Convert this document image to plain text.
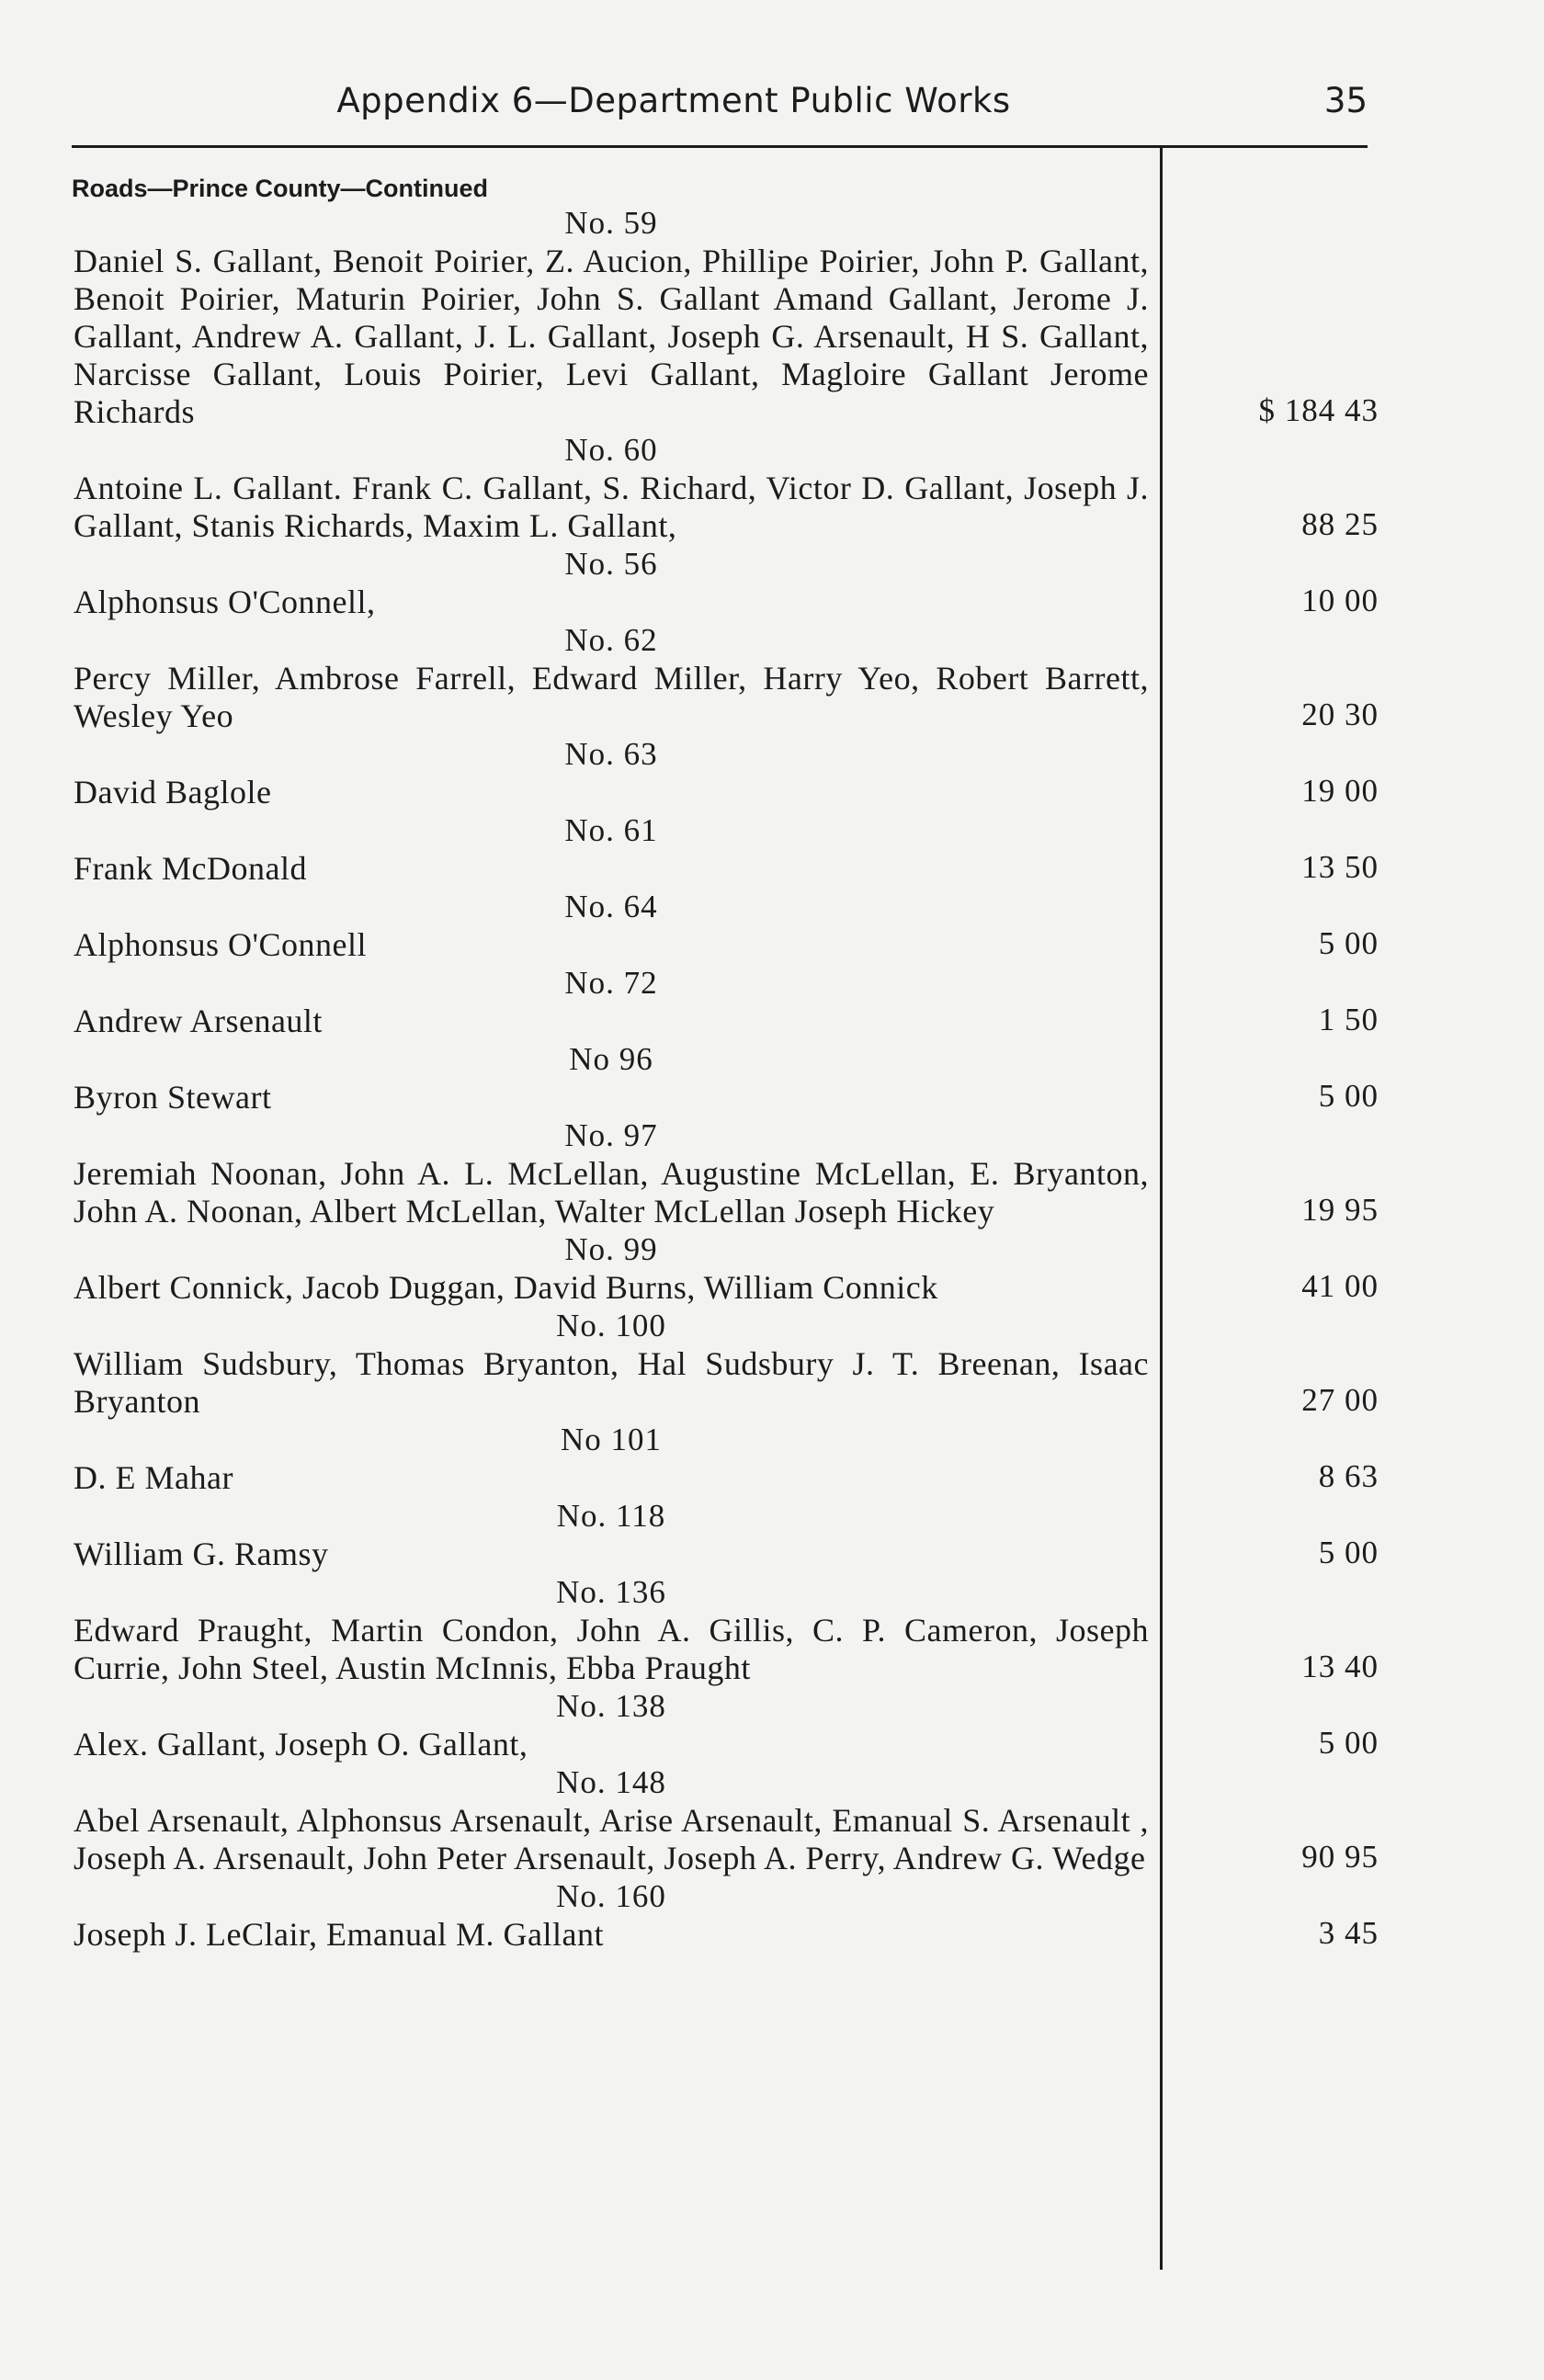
Appendix 6—Department Public Works	35
Roads—Prince County—Continued
No. 59
Daniel S. Gallant, Benoit Poirier, Z. Aucion, Phillipe Poirier, John P. Gallant, Benoit Poirier, Maturin Poirier, John S. Gallant Amand Gallant, Jerome J. Gallant, Andrew A. Gallant, J. L. Gallant, Joseph G. Arsenault, H S. Gallant, Narcisse Gallant, Louis Poirier, Levi Gallant, Magloire Gallant Jerome Richards	$ 184 43
No. 60
Antoine L. Gallant. Frank C. Gallant, S. Richard, Victor D. Gallant, Joseph J. Gallant, Stanis Richards, Maxim L. Gallant,	88 25
No. 56
Alphonsus O'Connell,	10 00
No. 62
Percy Miller, Ambrose Farrell, Edward Miller, Harry Yeo, Robert Barrett, Wesley Yeo	20 30
No. 63
David Baglole	19 00
No. 61
Frank McDonald	13 50
No. 64
Alphonsus O'Connell	5 00
No. 72
Andrew Arsenault	1 50
No 96
Byron Stewart	5 00
No. 97
Jeremiah Noonan, John A. L. McLellan, Augustine McLellan, E. Bryanton, John A. Noonan, Albert McLellan, Walter McLellan Joseph Hickey	19 95
No. 99
Albert Connick, Jacob Duggan, David Burns, William Connick	41 00
No. 100
William Sudsbury, Thomas Bryanton, Hal Sudsbury J. T. Breenan, Isaac Bryanton	27 00
No 101
D. E Mahar	8 63
No. 118
William G. Ramsy	5 00
No. 136
Edward Praught, Martin Condon, John A. Gillis, C. P. Cameron, Joseph Currie, John Steel, Austin McInnis, Ebba Praught	13 40
No. 138
Alex. Gallant, Joseph O. Gallant,	5 00
No. 148
Abel Arsenault, Alphonsus Arsenault, Arise Arsenault, Emanual S. Arsenault , Joseph A. Arsenault, John Peter Arsenault, Joseph A. Perry, Andrew G. Wedge	90 95
No. 160
Joseph J. LeClair, Emanual M. Gallant	3 45
